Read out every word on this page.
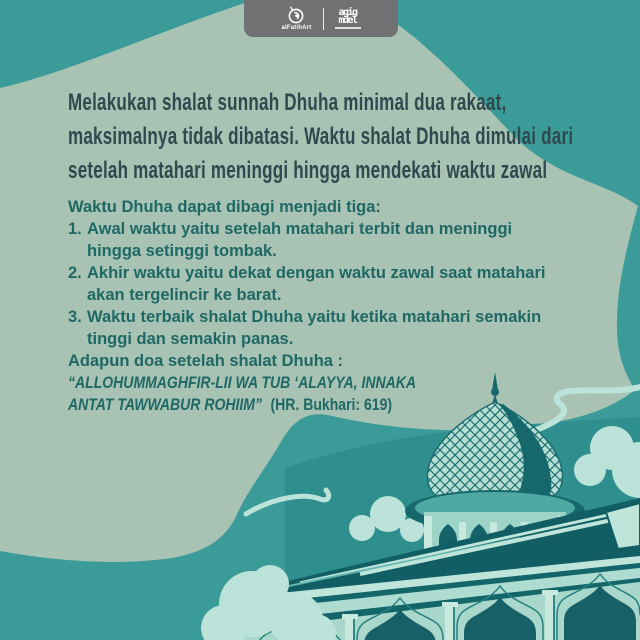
alFatihArt
agig
mdel
Melakukan shalat sunnah Dhuha minimal dua rakaat,
maksimalnya tidak dibatasi. Waktu shalat Dhuha dimulai dari
setelah matahari meninggi hingga mendekati waktu zawal
Waktu Dhuha dapat dibagi menjadi tiga:
1. Awal waktu yaitu setelah matahari terbit dan meninggi
hingga setinggi tombak.
2. Akhir waktu yaitu dekat dengan waktu zawal saat matahari
akan tergelincir ke barat.
3. Waktu terbaik shalat Dhuha yaitu ketika matahari semakin
tinggi dan semakin panas.
Adapun doa setelah shalat Dhuha :
“ALLOHUMMAGHFIR-LII WA TUB ‘ALAYYA, INNAKA
ANTAT TAWWABUR ROHIIM” (HR. Bukhari: 619)
